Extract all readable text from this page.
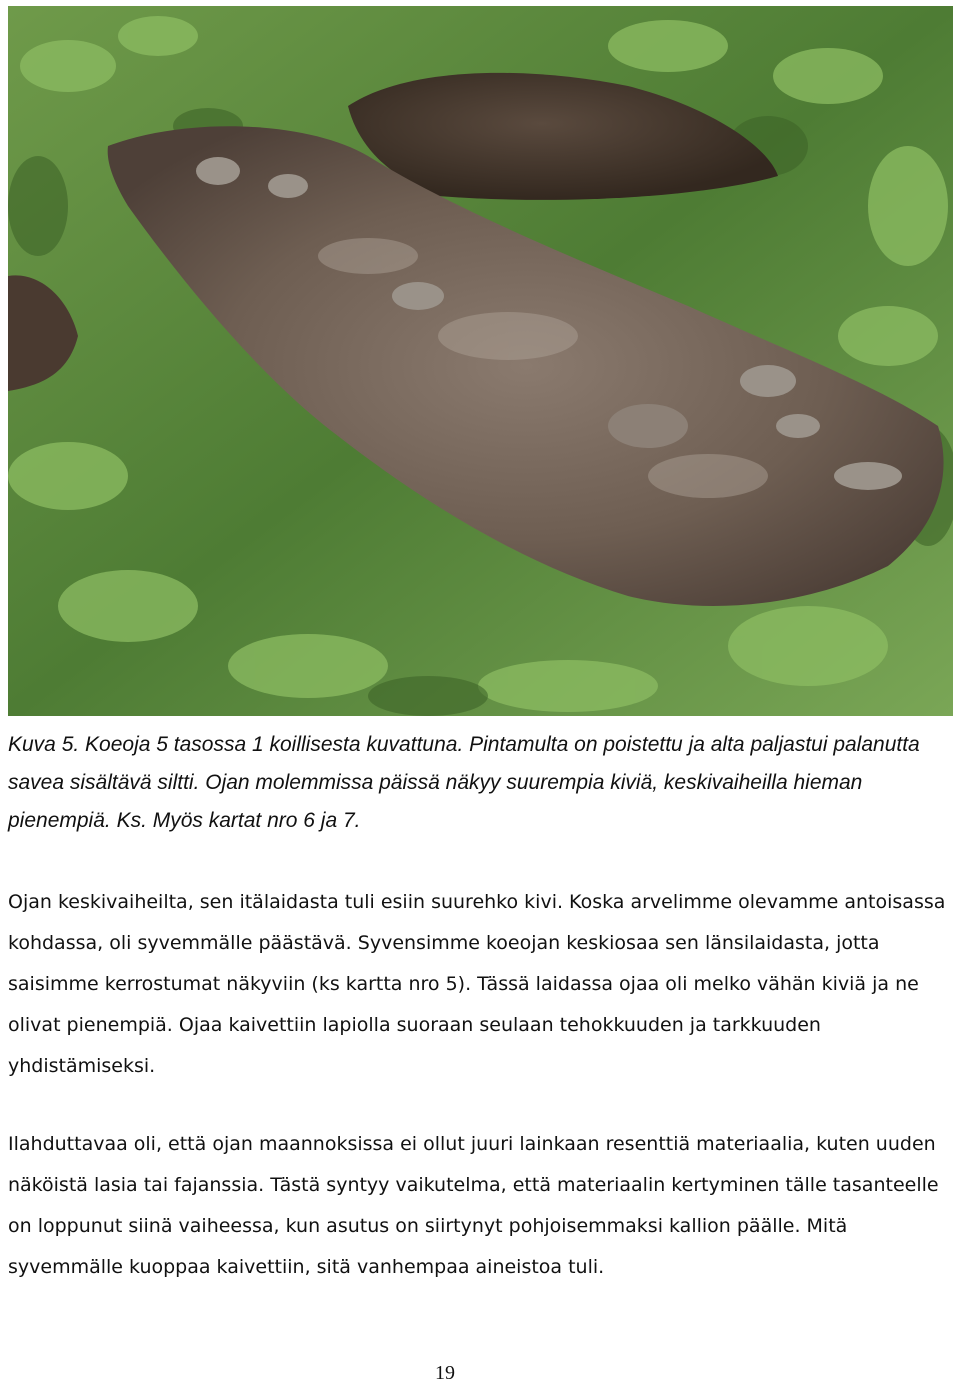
Kuva 5. Koeoja 5 tasossa 1 koillisesta kuvattuna. Pintamulta on poistettu ja alta paljastui palanutta savea sisältävä siltti. Ojan molemmissa päissä näkyy suurempia kiviä, keskivaiheilla hieman pienempiä. Ks. Myös kartat nro 6 ja 7.

Ojan keskivaiheilta, sen itälaidasta tuli esiin suurehko kivi. Koska arvelimme olevamme antoisassa kohdassa, oli syvemmälle päästävä. Syvensimme koeojan keskiosaa sen länsilaidasta, jotta saisimme kerrostumat näkyviin (ks kartta nro 5). Tässä laidassa ojaa oli melko vähän kiviä ja ne olivat pienempiä. Ojaa kaivettiin lapiolla suoraan seulaan tehokkuuden ja tarkkuuden yhdistämiseksi.

Ilahduttavaa oli, että ojan maannoksissa ei ollut juuri lainkaan resenttiä materiaalia, kuten uuden näköistä lasia tai fajanssia. Tästä syntyy vaikutelma, että materiaalin kertyminen tälle tasanteelle on loppunut siinä vaiheessa, kun asutus on siirtynyt pohjoisemmaksi kallion päälle. Mitä syvemmälle kuoppaa kaivettiin, sitä vanhempaa aineistoa tuli.

19
